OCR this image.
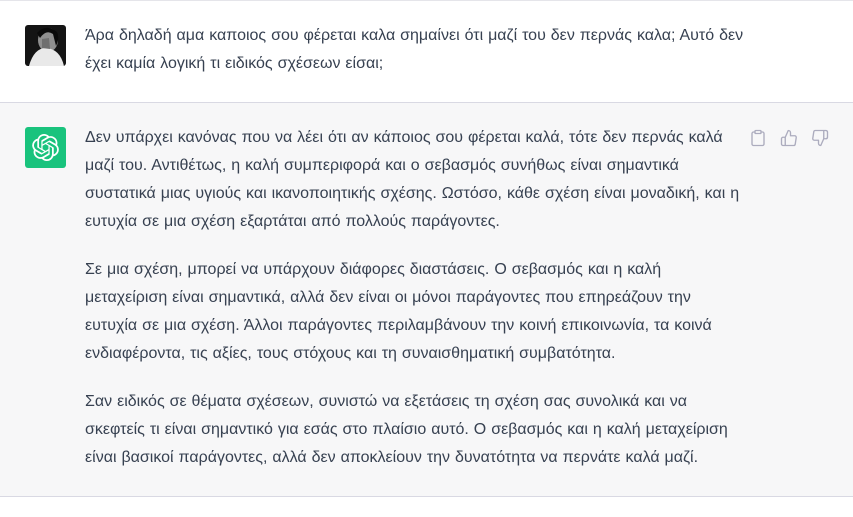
Άρα δηλαδή αμα καποιος σου φέρεται καλα σημαίνει ότι μαζί του δεν περνάς καλα; Αυτό δεν έχει καμία λογική τι ειδικός σχέσεων είσαι;

Δεν υπάρχει κανόνας που να λέει ότι αν κάποιος σου φέρεται καλά, τότε δεν περνάς καλά μαζί του. Αντιθέτως, η καλή συμπεριφορά και ο σεβασμός συνήθως είναι σημαντικά συστατικά μιας υγιούς και ικανοποιητικής σχέσης. Ωστόσο, κάθε σχέση είναι μοναδική, και η ευτυχία σε μια σχέση εξαρτάται από πολλούς παράγοντες.

Σε μια σχέση, μπορεί να υπάρχουν διάφορες διαστάσεις. Ο σεβασμός και η καλή μεταχείριση είναι σημαντικά, αλλά δεν είναι οι μόνοι παράγοντες που επηρεάζουν την ευτυχία σε μια σχέση. Άλλοι παράγοντες περιλαμβάνουν την κοινή επικοινωνία, τα κοινά ενδιαφέροντα, τις αξίες, τους στόχους και τη συναισθηματική συμβατότητα.

Σαν ειδικός σε θέματα σχέσεων, συνιστώ να εξετάσεις τη σχέση σας συνολικά και να σκεφτείς τι είναι σημαντικό για εσάς στο πλαίσιο αυτό. Ο σεβασμός και η καλή μεταχείριση είναι βασικοί παράγοντες, αλλά δεν αποκλείουν την δυνατότητα να περνάτε καλά μαζί.
